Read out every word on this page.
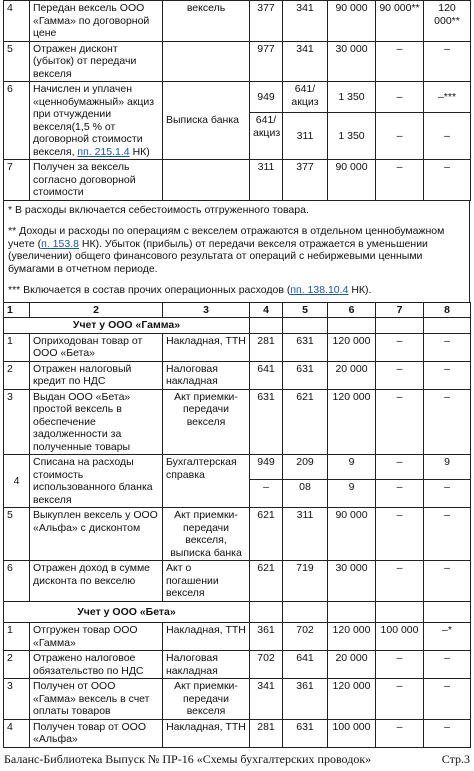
4	Передан вексель ООО «Гамма» по договорной цене	вексель	377	341	90 000	90 000**	120 000**
5	Отражен дисконт (убыток) от передачи векселя		977	341	30 000	–	–
6	Начислен и уплачен «ценнобумажный» акциз при отчуждении векселя(1,5 % от договорной стоимости векселя, пп. 215.1.4 НК)	Выписка банка	949	641/ акциз	1 350	–	–***
			641/ акциз	311	1 350	–	–
7	Получен за вексель согласно договорной стоимости		311	377	90 000	–	–

* В расходы включается себестоимость отгруженного товара.

** Доходы и расходы по операциям с векселем отражаются в отдельном ценнобумажном учете (п. 153.8 НК). Убыток (прибыль) от передачи векселя отражается в уменьшении (увеличении) общего финансового результата от операций с небиржевыми ценными бумагами в отчетном периоде.

*** Включается в состав прочих операционных расходов (пп. 138.10.4 НК).

1	2	3	4	5	6	7	8
Учет у ООО «Гамма»							
1	Оприходован товар от ООО «Бета»	Накладная, ТТН	281	631	120 000	–	–
2	Отражен налоговый кредит по НДС	Налоговая накладная	641	631	20 000	–	–
3	Выдан ООО «Бета» простой вексель в обеспечение задолженности за полученные товары	Акт приемки-передачи векселя	631	621	120 000	–	–
4	Списана на расходы стоимость использованного бланка векселя	Бухгалтерская справка	949	209	9	–	9
			–	08	9	–	–
5	Выкуплен вексель у ООО «Альфа» с дисконтом	Акт приемки-передачи векселя, выписка банка	621	311	90 000	–	–
6	Отражен доход в сумме дисконта по векселю	Акт о погашении векселя	621	719	30 000	–	–
Учет у ООО «Бета»							
1	Отгружен товар ООО «Гамма»	Накладная, ТТН	361	702	120 000	100 000	–*
2	Отражено налоговое обязательство по НДС	Налоговая накладная	702	641	20 000	–	–
3	Получен от ООО «Гамма» вексель в счет оплаты товаров	Акт приемки-передачи векселя	341	361	120 000	–	–
4	Получен товар от ООО «Альфа»	Накладная, ТТН	281	631	100 000	–	–
Баланс-Библиотека Выпуск № ПР-16 «Схемы бухгалтерских проводок»	Стр.3
